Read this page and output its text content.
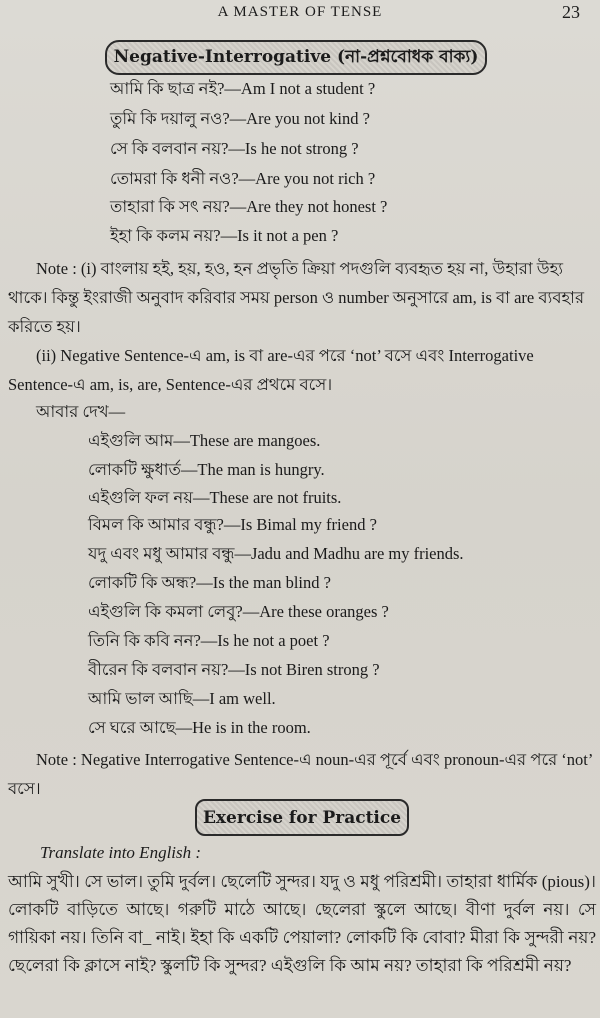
A MASTER OF TENSE	23
Negative-Interrogative (না-প্রশ্নবোধক বাক্য)
আমি কি ছাত্র নই?—Am I not a student ?
তুমি কি দয়ালু নও?—Are you not kind ?
সে কি বলবান নয়?—Is he not strong ?
তোমরা কি ধনী নও?—Are you not rich ?
তাহারা কি সৎ নয়?—Are they not honest ?
ইহা কি কলম নয়?—Is it not a pen ?
Note : (i) বাংলায় হই, হয়, হও, হন প্রভৃতি ক্রিয়া পদগুলি ব্যবহৃত হয় না, উহারা উহ্য থাকে। কিন্তু ইংরাজী অনুবাদ করিবার সময় person ও number অনুসারে am, is বা are ব্যবহার করিতে হয়।
(ii) Negative Sentence-এ am, is বা are-এর পরে ‘not’ বসে এবং Interrogative Sentence-এ am, is, are, Sentence-এর প্রথমে বসে।
আবার দেখ—
এইগুলি আম—These are mangoes.
লোকটি ক্ষুধার্ত—The man is hungry.
এইগুলি ফল নয়—These are not fruits.
বিমল কি আমার বন্ধু?—Is Bimal my friend ?
যদু এবং মধু আমার বন্ধু—Jadu and Madhu are my friends.
লোকটি কি অন্ধ?—Is the man blind ?
এইগুলি কি কমলা লেবু?—Are these oranges ?
তিনি কি কবি নন?—Is he not a poet ?
বীরেন কি বলবান নয়?—Is not Biren strong ?
আমি ভাল আছি—I am well.
সে ঘরে আছে—He is in the room.
Note : Negative Interrogative Sentence-এ noun-এর পূর্বে এবং pronoun-এর পরে ‘not’ বসে।
Exercise for Practice
Translate into English :
আমি সুখী। সে ভাল। তুমি দুর্বল। ছেলেটি সুন্দর। যদু ও মধু পরিশ্রমী। তাহারা ধার্মিক (pious)। লোকটি বাড়িতে আছে। গরুটি মাঠে আছে। ছেলেরা স্কুলে আছে। বীণা দুর্বল নয়। সে গায়িকা নয়। তিনি বা_ নাই। ইহা কি একটি পেয়ালা? লোকটি কি বোবা? মীরা কি সুন্দরী নয়? ছেলেরা কি ক্লাসে নাই? স্কুলটি কি সুন্দর? এইগুলি কি আম নয়? তাহারা কি পরিশ্রমী নয়?
